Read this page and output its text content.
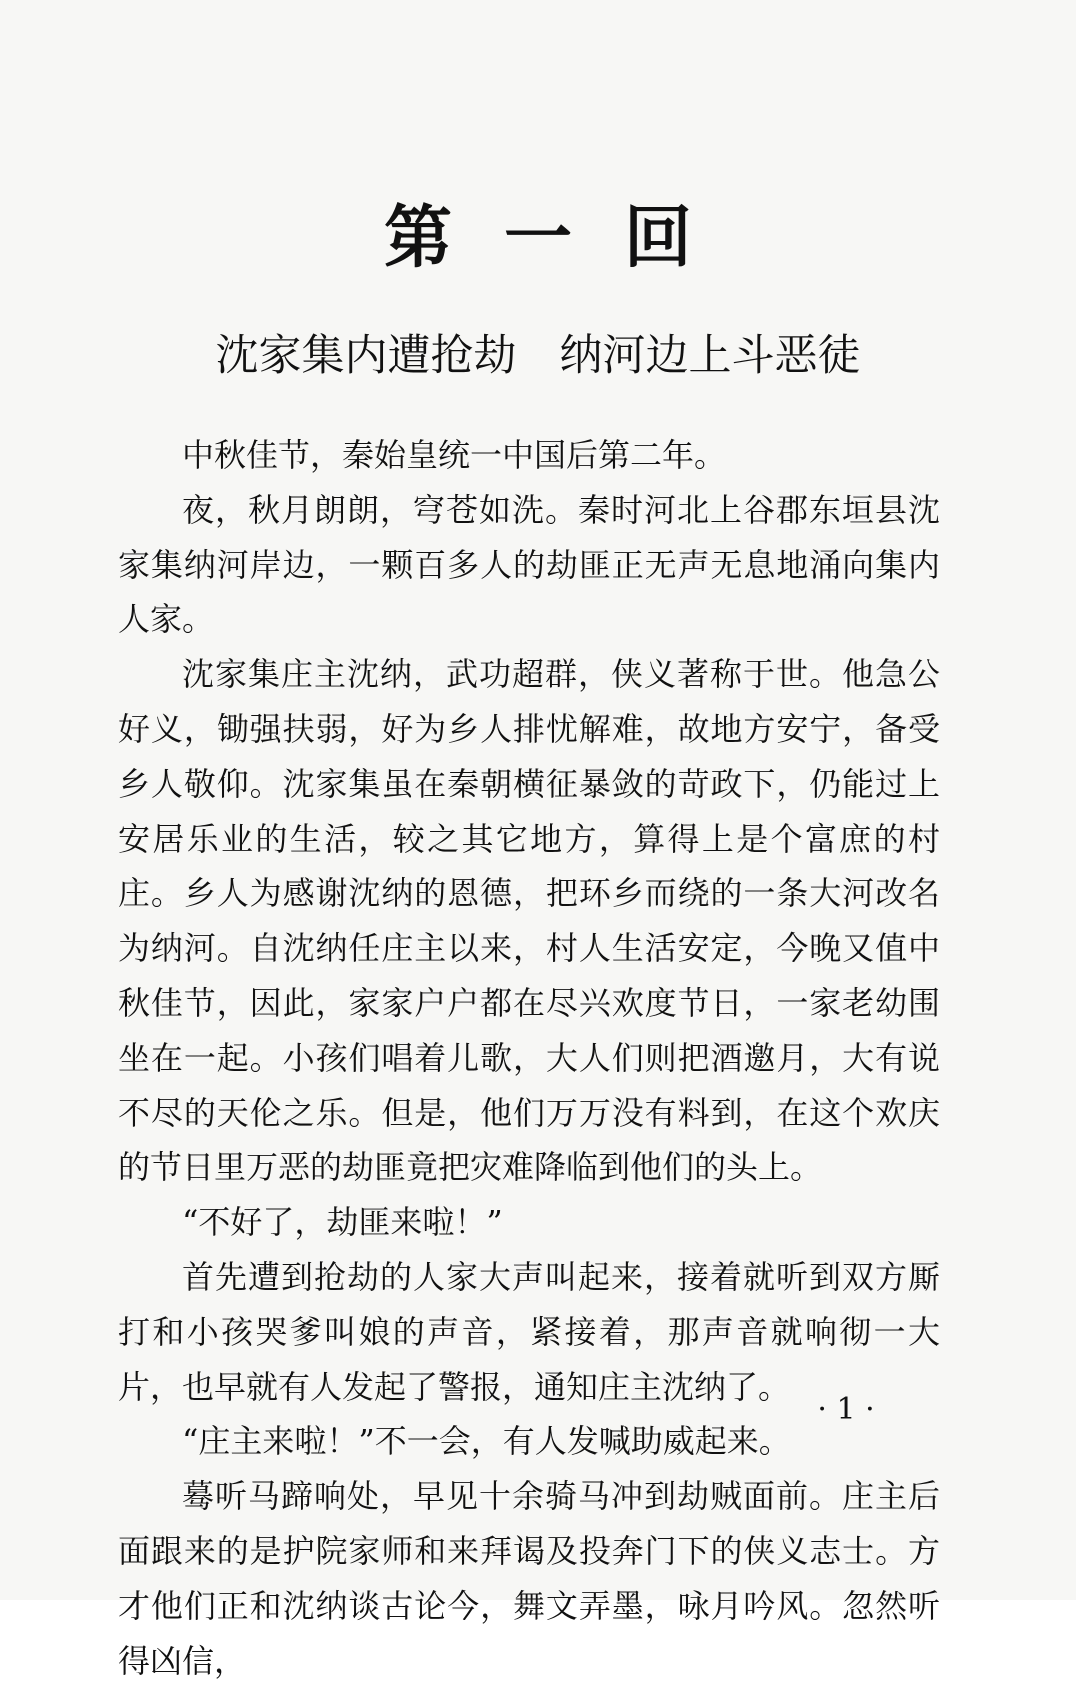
第一回
沈家集内遭抢劫　纳河边上斗恶徒

中秋佳节，秦始皇统一中国后第二年。

夜，秋月朗朗，穹苍如洗。秦时河北上谷郡东垣县沈家集纳河岸边，一颗百多人的劫匪正无声无息地涌向集内人家。

沈家集庄主沈纳，武功超群，侠义著称于世。他急公好义，锄强扶弱，好为乡人排忧解难，故地方安宁，备受乡人敬仰。沈家集虽在秦朝横征暴敛的苛政下，仍能过上安居乐业的生活，较之其它地方，算得上是个富庶的村庄。乡人为感谢沈纳的恩德，把环乡而绕的一条大河改名为纳河。自沈纳任庄主以来，村人生活安定，今晚又值中秋佳节，因此，家家户户都在尽兴欢度节日，一家老幼围坐在一起。小孩们唱着儿歌，大人们则把酒邀月，大有说不尽的天伦之乐。但是，他们万万没有料到，在这个欢庆的节日里万恶的劫匪竟把灾难降临到他们的头上。

“不好了，劫匪来啦！”

首先遭到抢劫的人家大声叫起来，接着就听到双方厮打和小孩哭爹叫娘的声音，紧接着，那声音就响彻一大片，也早就有人发起了警报，通知庄主沈纳了。

“庄主来啦！”不一会，有人发喊助威起来。

蓦听马蹄响处，早见十余骑马冲到劫贼面前。庄主后面跟来的是护院家师和来拜谒及投奔门下的侠义志士。方才他们正和沈纳谈古论今，舞文弄墨，咏月吟风。忽然听得凶信，

· 1 ·
